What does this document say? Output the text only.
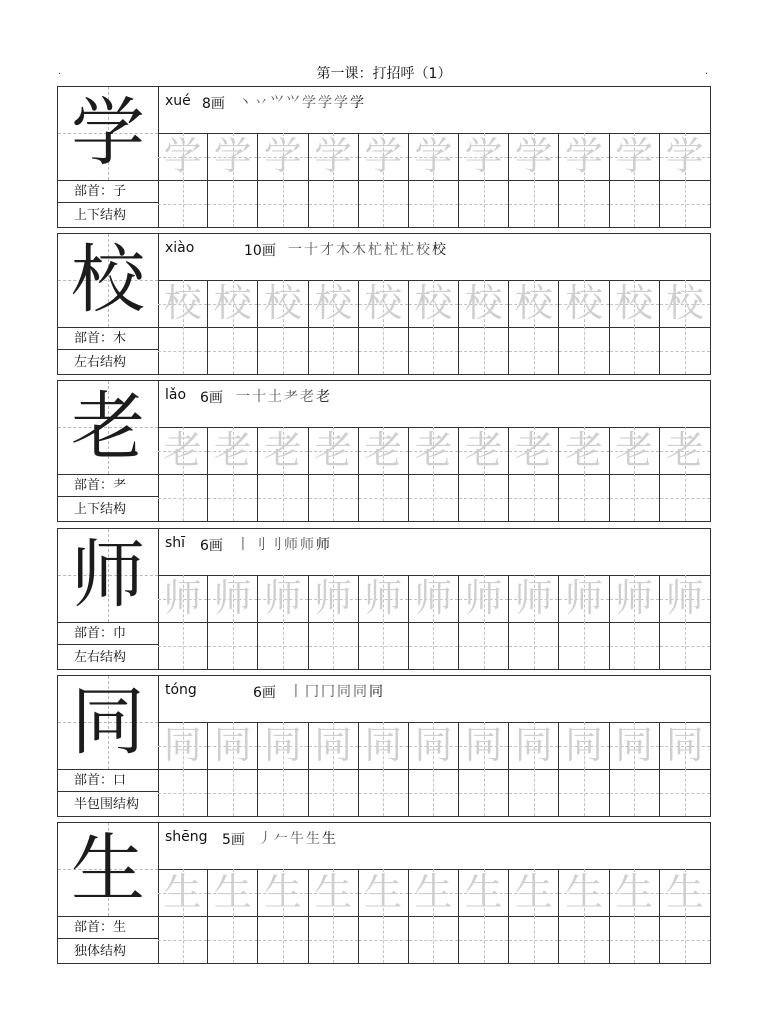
第一课：打招呼（1）
.	.
学
部首：子
上下结构
xué 8画 丶丷⺍𭕄学学学学
学 学 学 学 学 学 学 学 学 学 学
校
部首：木
左右结构
xiào	10画 一十才木木杧杧杧校校
校 校 校 校 校 校 校 校 校 校 校
老
部首：耂
上下结构
lǎo 6画 一十土耂老老
老 老 老 老 老 老 老 老 老 老 老
师
部首：巾
左右结构
shī 6画 丨刂刂师师师
师 师 师 师 师 师 师 师 师 师 师
同
部首：口
半包围结构
tóng	6画 丨冂冂同同同
同 同 同 同 同 同 同 同 同 同 同
生
部首：生
独体结构
shēng 5画 丿𠂉牛生生
生 生 生 生 生 生 生 生 生 生 生
